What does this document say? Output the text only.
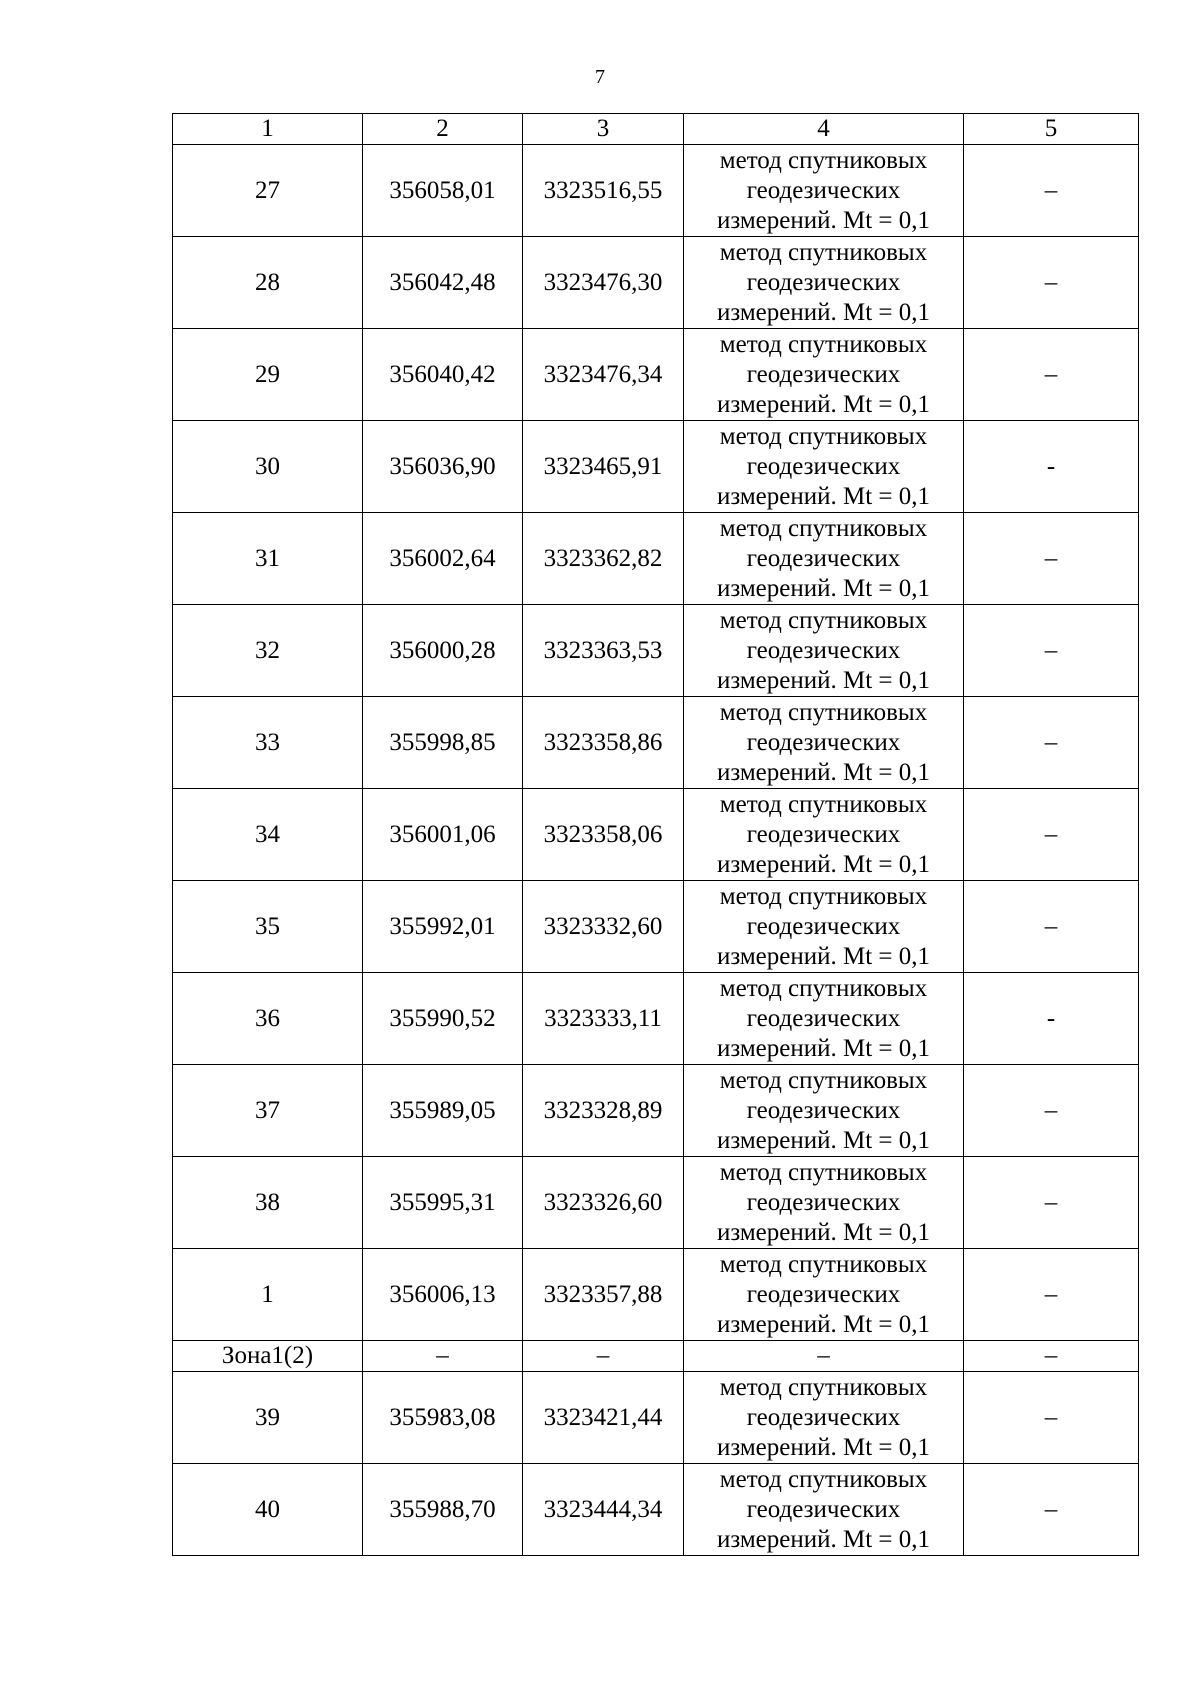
7
1	2	3	4	5
27	356058,01	3323516,55	метод спутниковых
геодезических
измерений. Mt = 0,1	–
28	356042,48	3323476,30	метод спутниковых
геодезических
измерений. Mt = 0,1	–
29	356040,42	3323476,34	метод спутниковых
геодезических
измерений. Mt = 0,1	–
30	356036,90	3323465,91	метод спутниковых
геодезических
измерений. Mt = 0,1	-
31	356002,64	3323362,82	метод спутниковых
геодезических
измерений. Mt = 0,1	–
32	356000,28	3323363,53	метод спутниковых
геодезических
измерений. Mt = 0,1	–
33	355998,85	3323358,86	метод спутниковых
геодезических
измерений. Mt = 0,1	–
34	356001,06	3323358,06	метод спутниковых
геодезических
измерений. Mt = 0,1	–
35	355992,01	3323332,60	метод спутниковых
геодезических
измерений. Mt = 0,1	–
36	355990,52	3323333,11	метод спутниковых
геодезических
измерений. Mt = 0,1	-
37	355989,05	3323328,89	метод спутниковых
геодезических
измерений. Mt = 0,1	–
38	355995,31	3323326,60	метод спутниковых
геодезических
измерений. Mt = 0,1	–
1	356006,13	3323357,88	метод спутниковых
геодезических
измерений. Mt = 0,1	–
Зона1(2)	–	–	–	–
39	355983,08	3323421,44	метод спутниковых
геодезических
измерений. Mt = 0,1	–
40	355988,70	3323444,34	метод спутниковых
геодезических
измерений. Mt = 0,1	–
